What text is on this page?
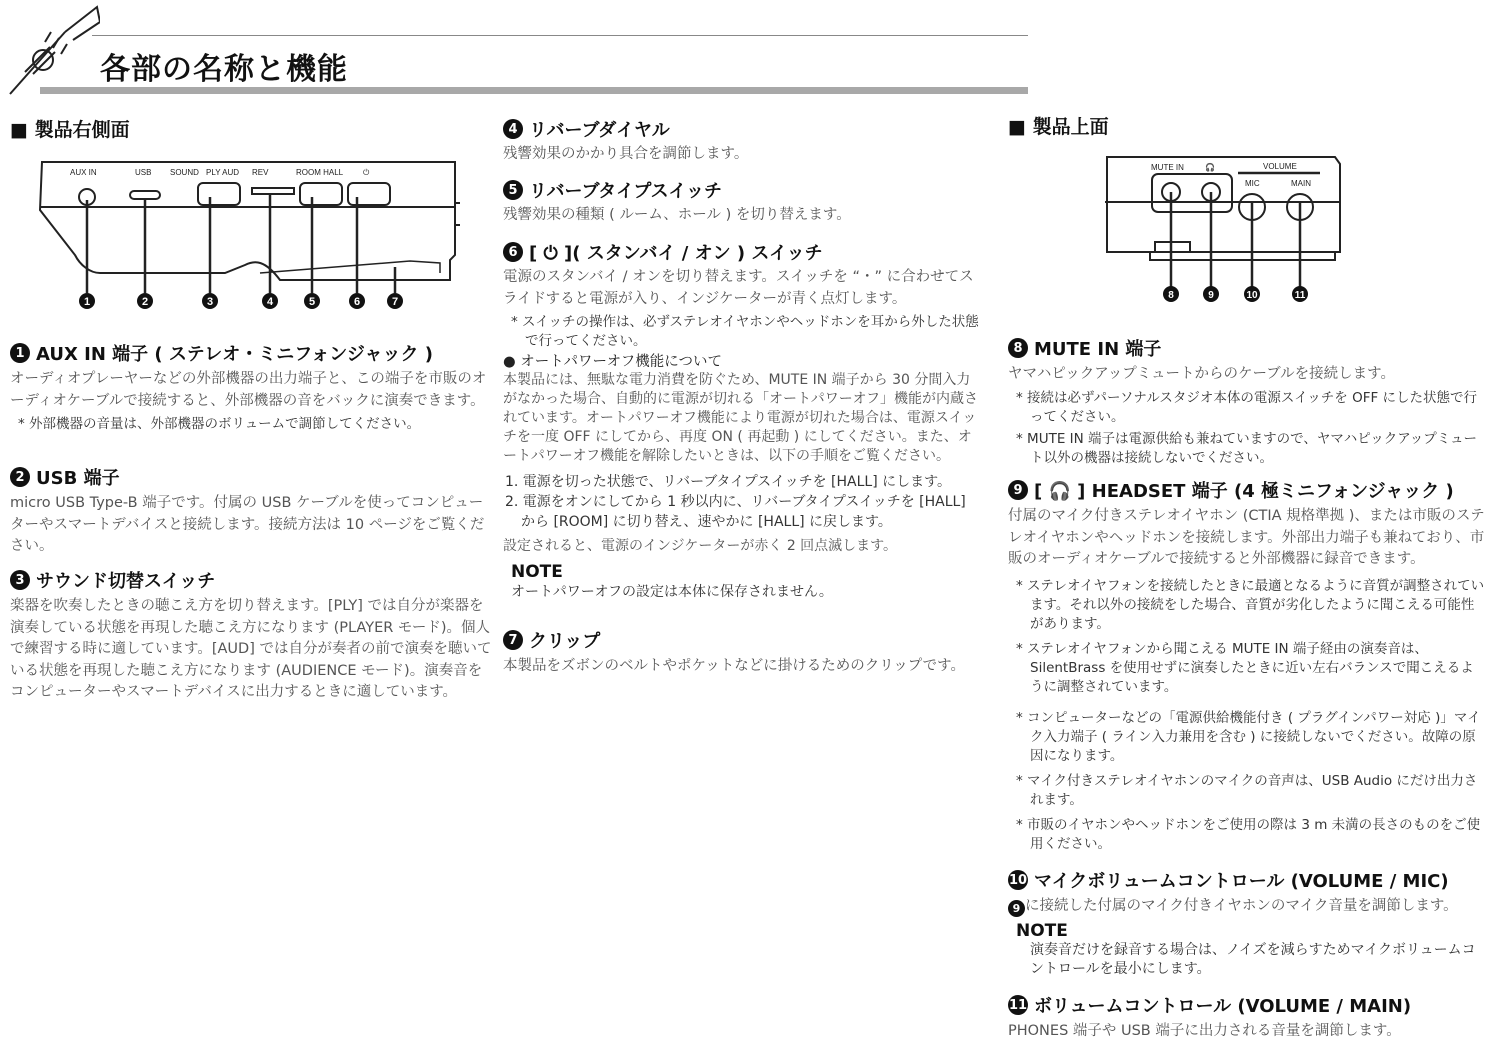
各部の名称と機能
■ 製品右側面
AUX IN	USB SOUND PLY AUD REV	ROOM HALL ⏻
1	2	3	4	5	6	7
1 AUX IN 端子 ( ステレオ・ミニフォンジャック )
オーディオプレーヤーなどの外部機器の出力端子と、この端子を市販のオーディオケーブルで接続すると、外部機器の音をバックに演奏できます。
* 外部機器の音量は、外部機器のボリュームで調節してください。
2 USB 端子
micro USB Type-B 端子です。付属の USB ケーブルを使ってコンピューターやスマートデバイスと接続します。接続方法は 10 ページをご覧ください。
3 サウンド切替スイッチ
楽器を吹奏したときの聴こえ方を切り替えます。[PLY] では自分が楽器を演奏している状態を再現した聴こえ方になります (PLAYER モード)。個人で練習する時に適しています。[AUD] では自分が奏者の前で演奏を聴いている状態を再現した聴こえ方になります (AUDIENCE モード)。演奏音をコンピューターやスマートデバイスに出力するときに適しています。
4 リバーブダイヤル
残響効果のかかり具合を調節します。
5 リバーブタイプスイッチ
残響効果の種類 ( ルーム、ホール ) を切り替えます。
6 [ ⏻ ]( スタンバイ / オン ) スイッチ
電源のスタンバイ / オンを切り替えます。スイッチを “・” に合わせてスライドすると電源が入り、インジケーターが青く点灯します。
* スイッチの操作は、必ずステレオイヤホンやヘッドホンを耳から外した状態で行ってください。
● オートパワーオフ機能について
本製品には、無駄な電力消費を防ぐため、MUTE IN 端子から 30 分間入力がなかった場合、自動的に電源が切れる「オートパワーオフ」機能が内蔵されています。オートパワーオフ機能により電源が切れた場合は、電源スイッチを一度 OFF にしてから、再度 ON ( 再起動 ) にしてください。また、オートパワーオフ機能を解除したいときは、以下の手順をご覧ください。
1. 電源を切った状態で、リバーブタイプスイッチを [HALL] にします。
2. 電源をオンにしてから 1 秒以内に、リバーブタイプスイッチを [HALL] から [ROOM] に切り替え、速やかに [HALL] に戻します。
設定されると、電源のインジケーターが赤く 2 回点滅します。
NOTE
オートパワーオフの設定は本体に保存されません。
7 クリップ
本製品をズボンのベルトやポケットなどに掛けるためのクリップです。
■ 製品上面
MUTE IN	🎧	VOLUME
MIC	MAIN
8	9	10	11
8 MUTE IN 端子
ヤマハピックアップミュートからのケーブルを接続します。
* 接続は必ずパーソナルスタジオ本体の電源スイッチを OFF にした状態で行ってください。
* MUTE IN 端子は電源供給も兼ねていますので、ヤマハピックアップミュート以外の機器は接続しないでください。
9 [ 🎧 ] HEADSET 端子 (4 極ミニフォンジャック )
付属のマイク付きステレオイヤホン (CTIA 規格準拠 )、または市販のステレオイヤホンやヘッドホンを接続します。外部出力端子も兼ねており、市販のオーディオケーブルで接続すると外部機器に録音できます。
* ステレオイヤフォンを接続したときに最適となるように音質が調整されています。それ以外の接続をした場合、音質が劣化したように聞こえる可能性があります。
* ステレオイヤフォンから聞こえる MUTE IN 端子経由の演奏音は、SilentBrass を使用せずに演奏したときに近い左右バランスで聞こえるように調整されています。
* コンピューターなどの「電源供給機能付き ( プラグインパワー対応 )」マイク入力端子 ( ライン入力兼用を含む ) に接続しないでください。故障の原因になります。
* マイク付きステレオイヤホンのマイクの音声は、USB Audio にだけ出力されます。
* 市販のイヤホンやヘッドホンをご使用の際は 3 m 未満の長さのものをご使用ください。
10 マイクボリュームコントロール (VOLUME / MIC)
9 に接続した付属のマイク付きイヤホンのマイク音量を調節します。
NOTE
演奏音だけを録音する場合は、ノイズを減らすためマイクボリュームコントロールを最小にします。
11 ボリュームコントロール (VOLUME / MAIN)
PHONES 端子や USB 端子に出力される音量を調節します。
